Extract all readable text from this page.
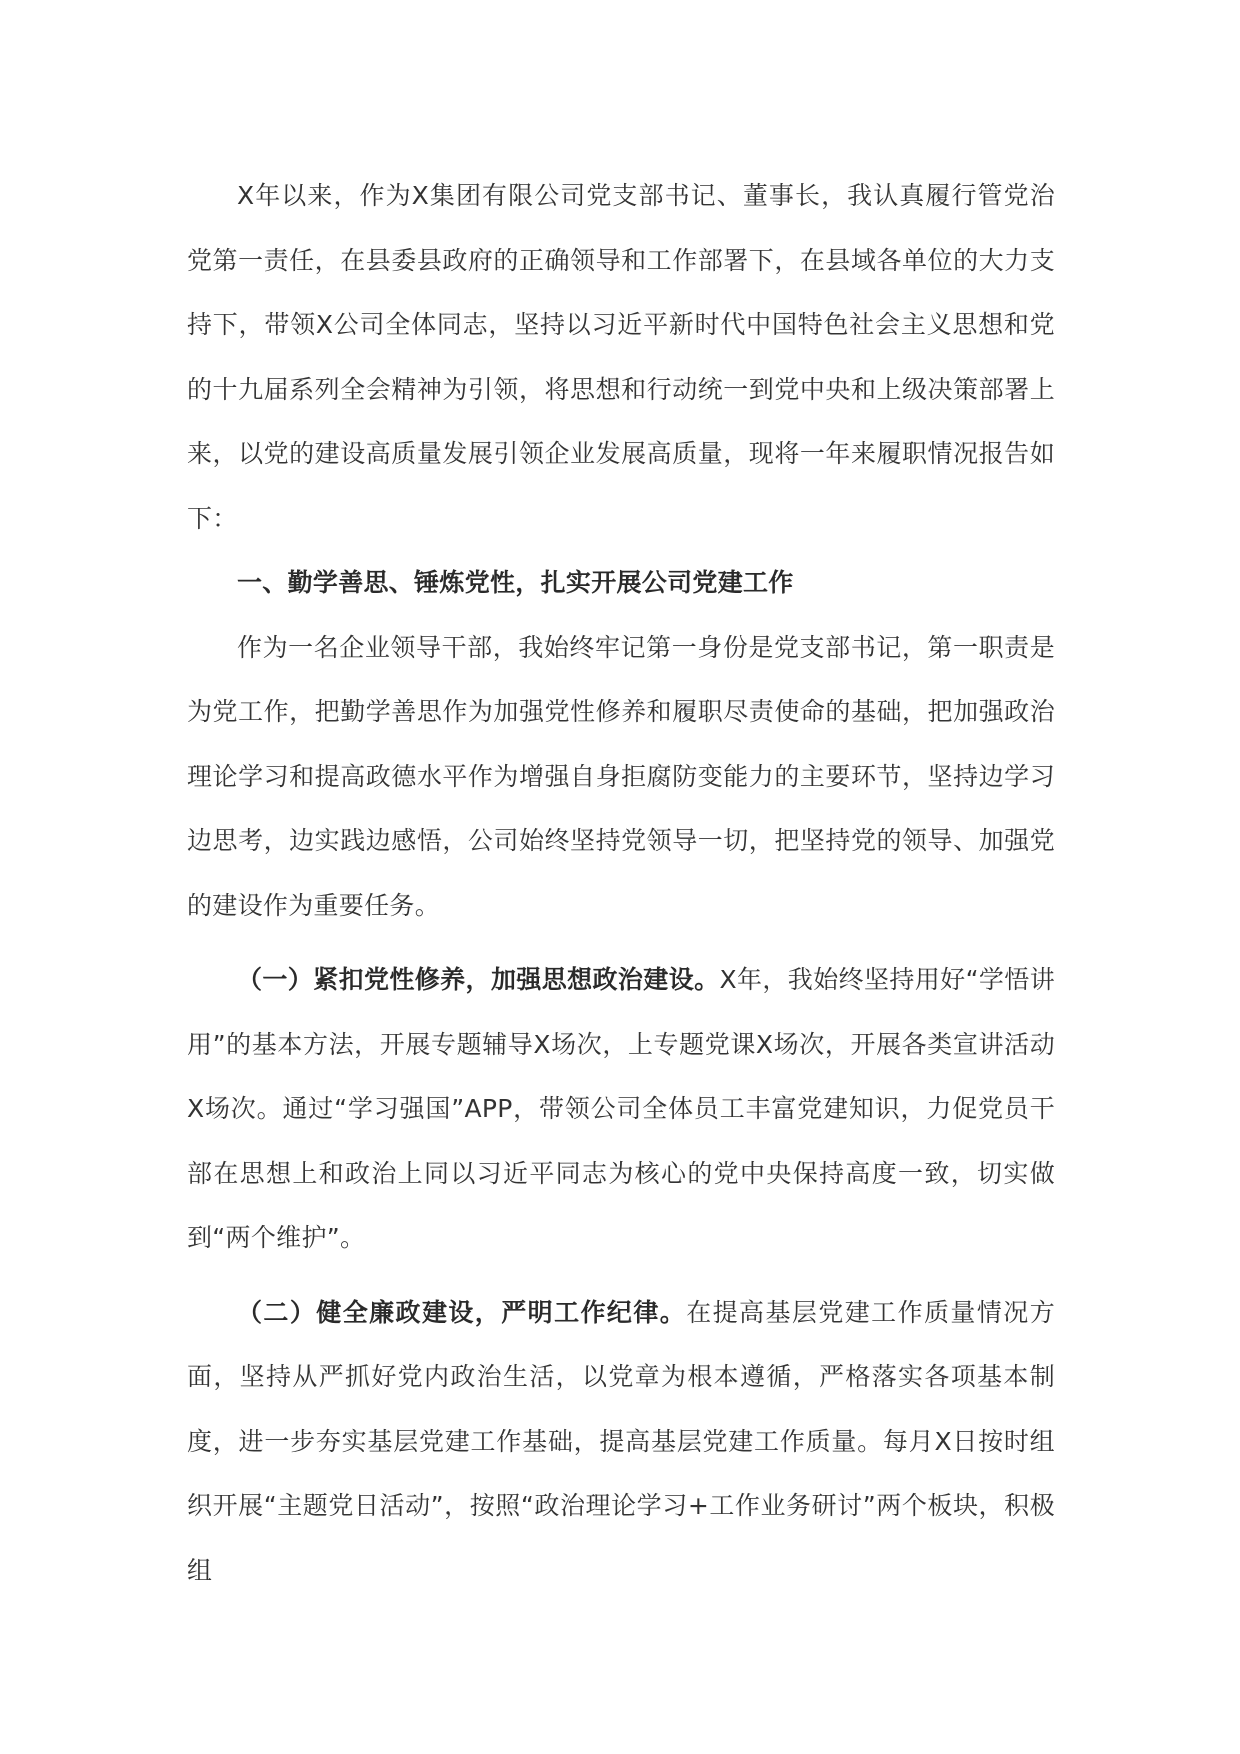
X年以来，作为X集团有限公司党支部书记、董事长，我认真履行管党治党第一责任，在县委县政府的正确领导和工作部署下，在县域各单位的大力支持下，带领X公司全体同志，坚持以习近平新时代中国特色社会主义思想和党的十九届系列全会精神为引领，将思想和行动统一到党中央和上级决策部署上来，以党的建设高质量发展引领企业发展高质量，现将一年来履职情况报告如下：

一、勤学善思、锤炼党性，扎实开展公司党建工作

作为一名企业领导干部，我始终牢记第一身份是党支部书记，第一职责是为党工作，把勤学善思作为加强党性修养和履职尽责使命的基础，把加强政治理论学习和提高政德水平作为增强自身拒腐防变能力的主要环节，坚持边学习边思考，边实践边感悟，公司始终坚持党领导一切，把坚持党的领导、加强党的建设作为重要任务。

（一）紧扣党性修养，加强思想政治建设。X年，我始终坚持用好“学悟讲用”的基本方法，开展专题辅导X场次，上专题党课X场次，开展各类宣讲活动X场次。通过“学习强国”APP，带领公司全体员工丰富党建知识，力促党员干部在思想上和政治上同以习近平同志为核心的党中央保持高度一致，切实做到“两个维护”。

（二）健全廉政建设，严明工作纪律。在提高基层党建工作质量情况方面，坚持从严抓好党内政治生活，以党章为根本遵循，严格落实各项基本制度，进一步夯实基层党建工作基础，提高基层党建工作质量。每月X日按时组织开展“主题党日活动”，按照“政治理论学习+工作业务研讨”两个板块，积极组
